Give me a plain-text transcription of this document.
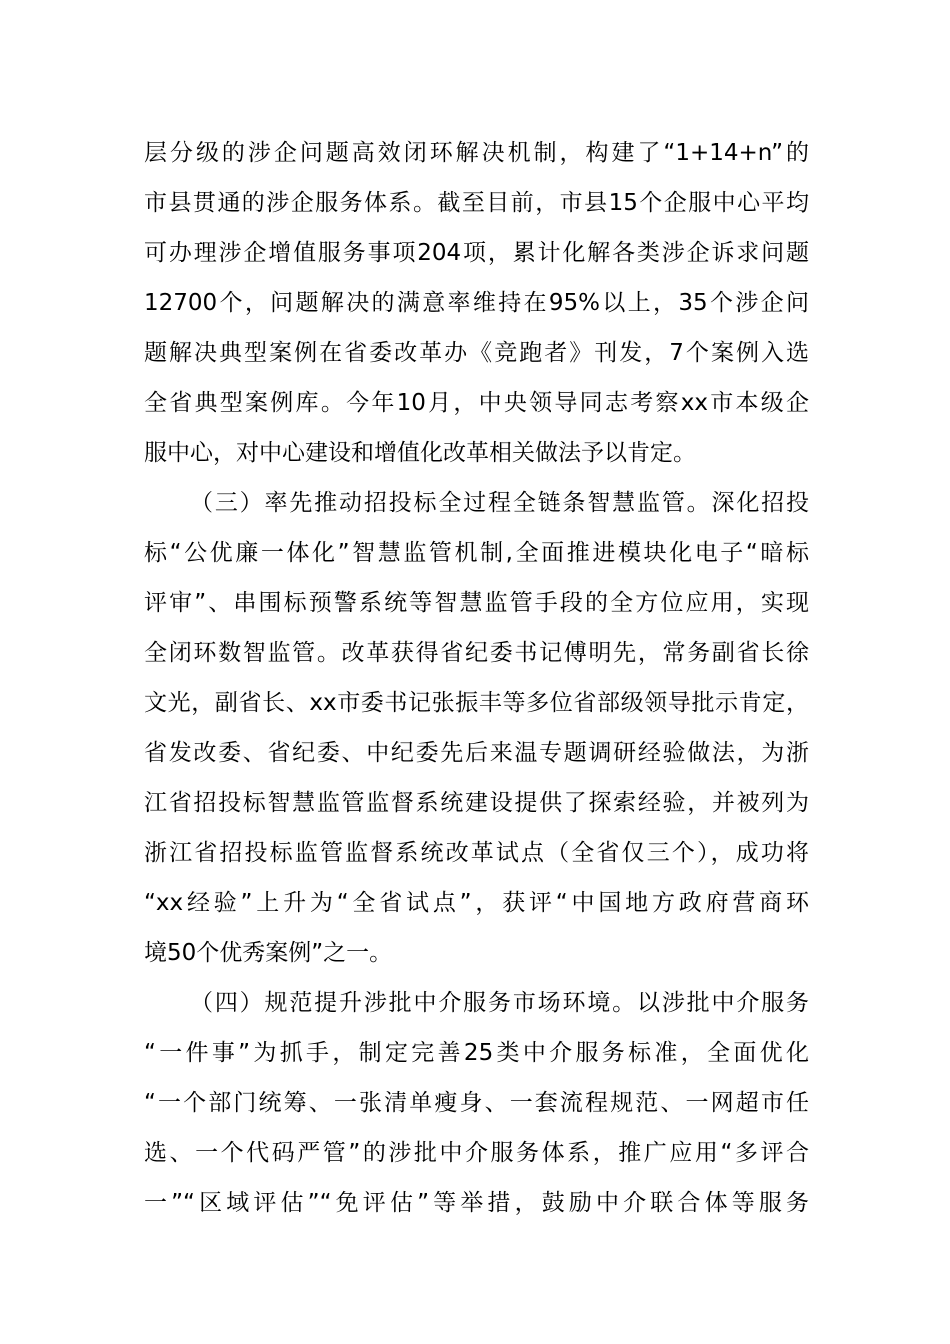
层分级的涉企问题高效闭环解决机制，构建了“1+14+n”的
市县贯通的涉企服务体系。截至目前，市县15个企服中心平均
可办理涉企增值服务事项204项，累计化解各类涉企诉求问题
12700个，问题解决的满意率维持在95%以上，35个涉企问
题解决典型案例在省委改革办《竞跑者》刊发，7个案例入选
全省典型案例库。今年10月，中央领导同志考察xx市本级企
服中心，对中心建设和增值化改革相关做法予以肯定。
（三）率先推动招投标全过程全链条智慧监管。深化招投
标“公优廉一体化”智慧监管机制,全面推进模块化电子“暗标
评审”、串围标预警系统等智慧监管手段的全方位应用，实现
全闭环数智监管。改革获得省纪委书记傅明先，常务副省长徐
文光，副省长、xx市委书记张振丰等多位省部级领导批示肯定，
省发改委、省纪委、中纪委先后来温专题调研经验做法，为浙
江省招投标智慧监管监督系统建设提供了探索经验，并被列为
浙江省招投标监管监督系统改革试点（全省仅三个），成功将
“xx经验”上升为“全省试点”，获评“中国地方政府营商环
境50个优秀案例”之一。
（四）规范提升涉批中介服务市场环境。以涉批中介服务
“一件事”为抓手，制定完善25类中介服务标准，全面优化
“一个部门统筹、一张清单瘦身、一套流程规范、一网超市任
选、一个代码严管”的涉批中介服务体系，推广应用“多评合
一”“区域评估”“免评估”等举措，鼓励中介联合体等服务
